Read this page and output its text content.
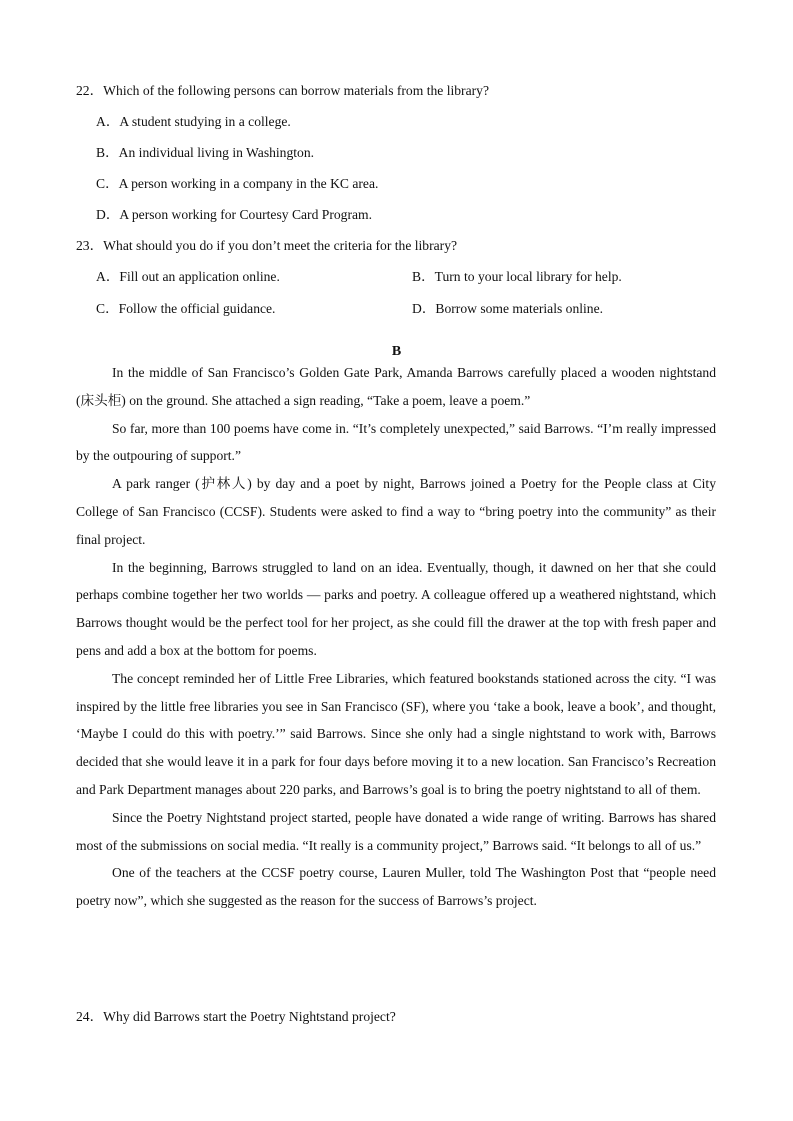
22．Which of the following persons can borrow materials from the library?
A．A student studying in a college.
B．An individual living in Washington.
C．A person working in a company in the KC area.
D．A person working for Courtesy Card Program.
23．What should you do if you don’t meet the criteria for the library?
A．Fill out an application online.	B．Turn to your local library for help.
C．Follow the official guidance.	D．Borrow some materials online.
B

In the middle of San Francisco’s Golden Gate Park, Amanda Barrows carefully placed a wooden nightstand (床头柜) on the ground. She attached a sign reading, “Take a poem, leave a poem.”

So far, more than 100 poems have come in. “It’s completely unexpected,” said Barrows. “I’m really impressed by the outpouring of support.”

A park ranger (护林人) by day and a poet by night, Barrows joined a Poetry for the People class at City College of San Francisco (CCSF). Students were asked to find a way to “bring poetry into the community” as their final project.

In the beginning, Barrows struggled to land on an idea. Eventually, though, it dawned on her that she could perhaps combine together her two worlds — parks and poetry. A colleague offered up a weathered nightstand, which Barrows thought would be the perfect tool for her project, as she could fill the drawer at the top with fresh paper and pens and add a box at the bottom for poems.

The concept reminded her of Little Free Libraries, which featured bookstands stationed across the city. “I was inspired by the little free libraries you see in San Francisco (SF), where you ‘take a book, leave a book’, and thought, ‘Maybe I could do this with poetry.’” said Barrows. Since she only had a single nightstand to work with, Barrows decided that she would leave it in a park for four days before moving it to a new location. San Francisco’s Recreation and Park Department manages about 220 parks, and Barrows’s goal is to bring the poetry nightstand to all of them.

Since the Poetry Nightstand project started, people have donated a wide range of writing. Barrows has shared most of the submissions on social media. “It really is a community project,” Barrows said. “It belongs to all of us.”

One of the teachers at the CCSF poetry course, Lauren Muller, told The Washington Post that “people need poetry now”, which she suggested as the reason for the success of Barrows’s project.

24．Why did Barrows start the Poetry Nightstand project?
